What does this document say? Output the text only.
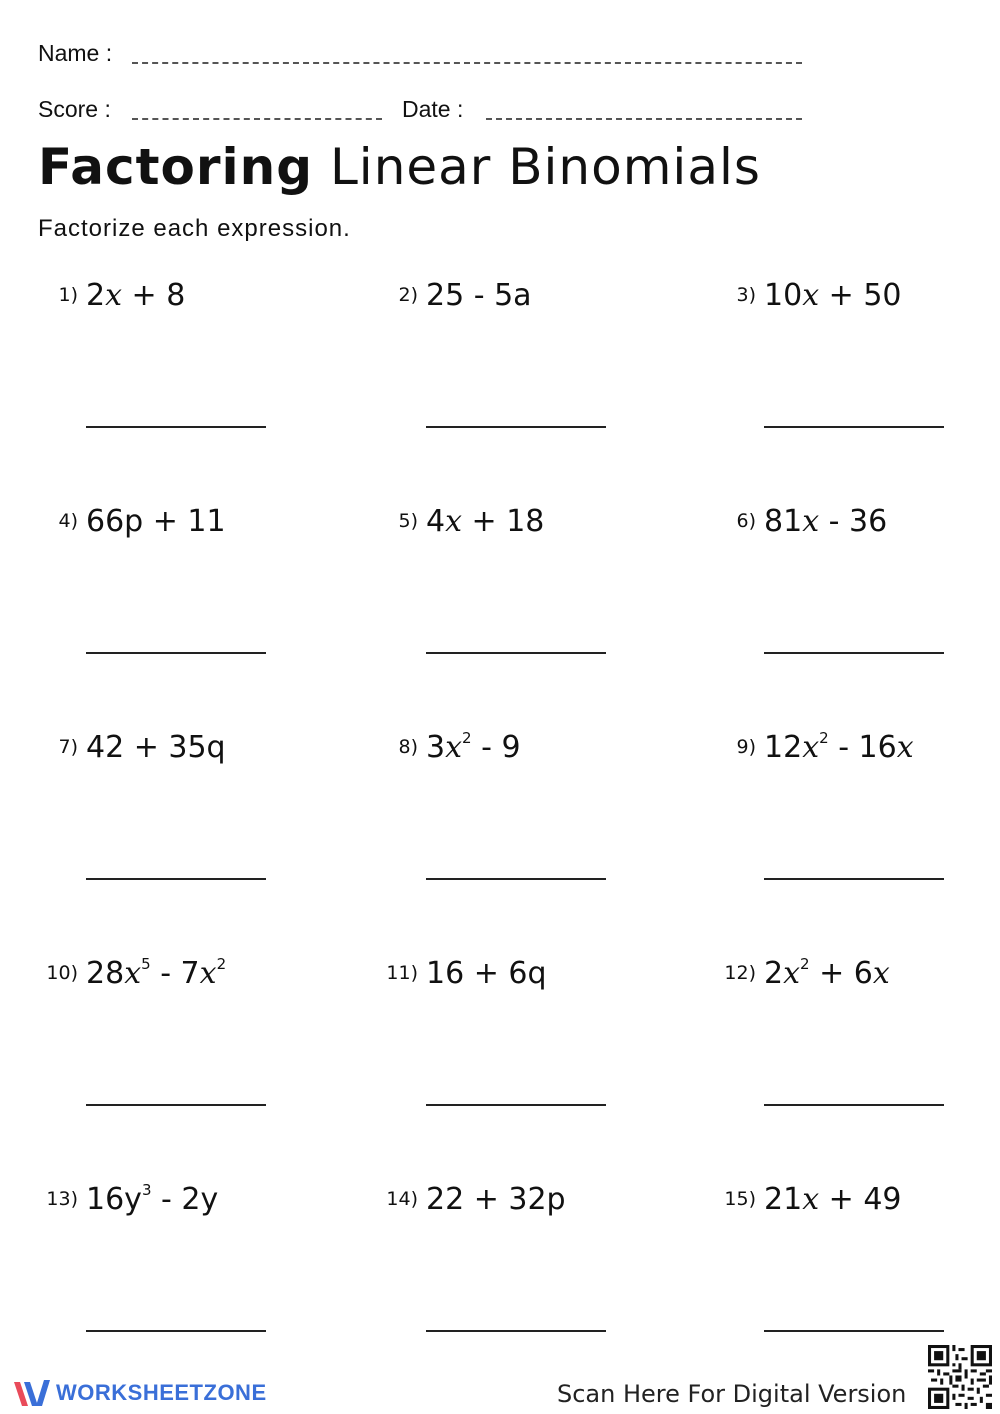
Name :
Score :	Date :
Factoring Linear Binomials
Factorize each expression.
1) 2x + 8	2) 25 - 5a	3) 10x + 50
4) 66p + 11	5) 4x + 18	6) 81x - 36
7) 42 + 35q	8) $3x^2 - 9$	9) $12x^2 - 16x$
10) $28x^5 - 7x^2$	11) 16 + 6q	12) $2x^2 + 6x$
13) $16y^3 - 2y$	14) 22 + 32p	15) 21x + 49
WORKSHEETZONE	Scan Here For Digital Version
